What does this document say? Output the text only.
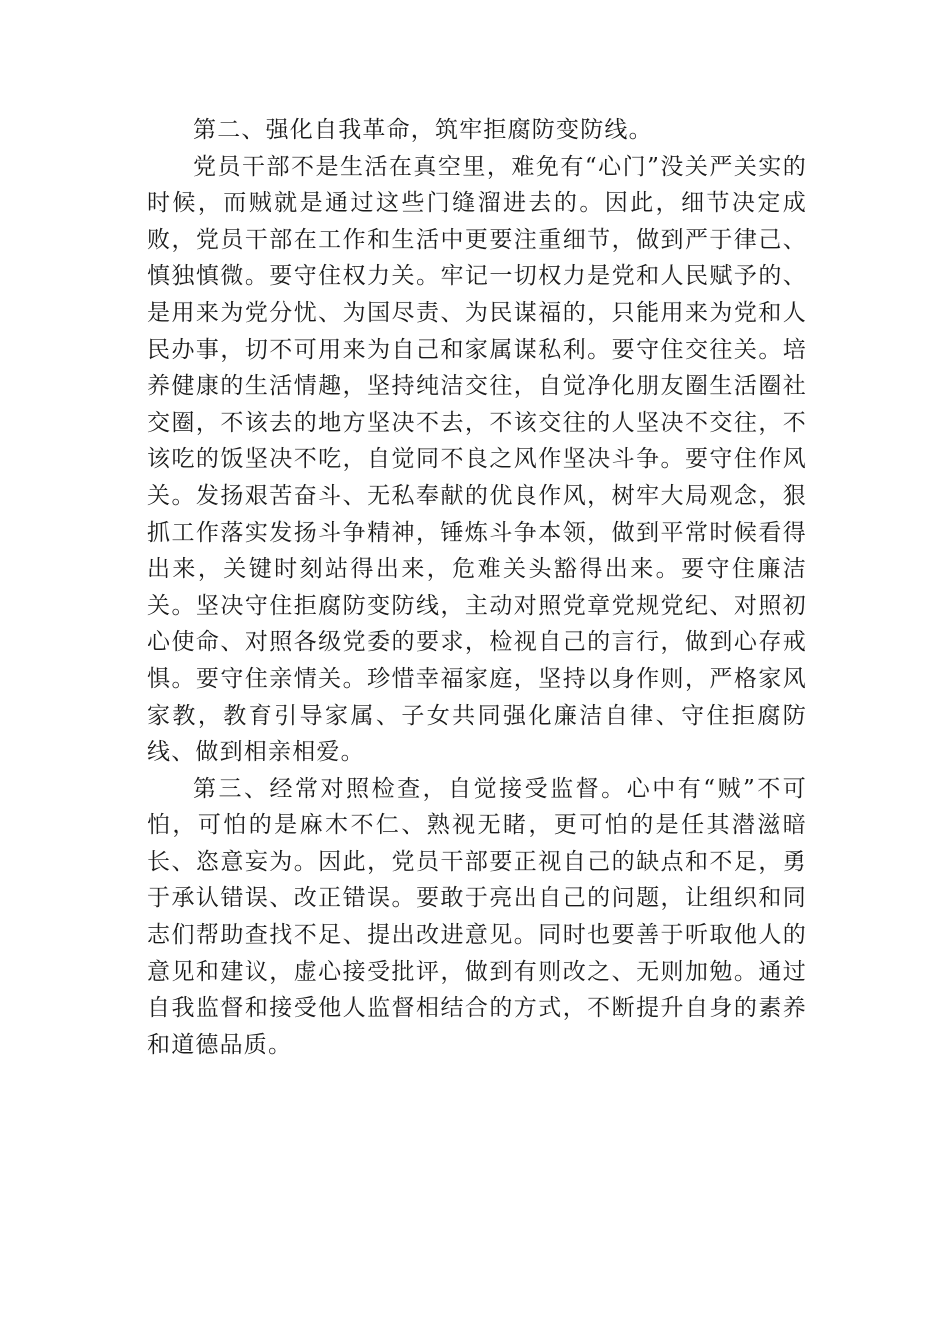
第二、强化自我革命，筑牢拒腐防变防线。

党员干部不是生活在真空里，难免有“心门”没关严关实的时候，而贼就是通过这些门缝溜进去的。因此，细节决定成败，党员干部在工作和生活中更要注重细节，做到严于律己、慎独慎微。要守住权力关。牢记一切权力是党和人民赋予的、是用来为党分忧、为国尽责、为民谋福的，只能用来为党和人民办事，切不可用来为自己和家属谋私利。要守住交往关。培养健康的生活情趣，坚持纯洁交往，自觉净化朋友圈生活圈社交圈，不该去的地方坚决不去，不该交往的人坚决不交往，不该吃的饭坚决不吃，自觉同不良之风作坚决斗争。要守住作风关。发扬艰苦奋斗、无私奉献的优良作风，树牢大局观念，狠抓工作落实发扬斗争精神，锤炼斗争本领，做到平常时候看得出来，关键时刻站得出来，危难关头豁得出来。要守住廉洁关。坚决守住拒腐防变防线，主动对照党章党规党纪、对照初心使命、对照各级党委的要求，检视自己的言行，做到心存戒惧。要守住亲情关。珍惜幸福家庭，坚持以身作则，严格家风家教，教育引导家属、子女共同强化廉洁自律、守住拒腐防线、做到相亲相爱。

第三、经常对照检查，自觉接受监督。心中有“贼”不可怕，可怕的是麻木不仁、熟视无睹，更可怕的是任其潜滋暗长、恣意妄为。因此，党员干部要正视自己的缺点和不足，勇于承认错误、改正错误。要敢于亮出自己的问题，让组织和同志们帮助查找不足、提出改进意见。同时也要善于听取他人的意见和建议，虚心接受批评，做到有则改之、无则加勉。通过自我监督和接受他人监督相结合的方式，不断提升自身的素养和道德品质。
